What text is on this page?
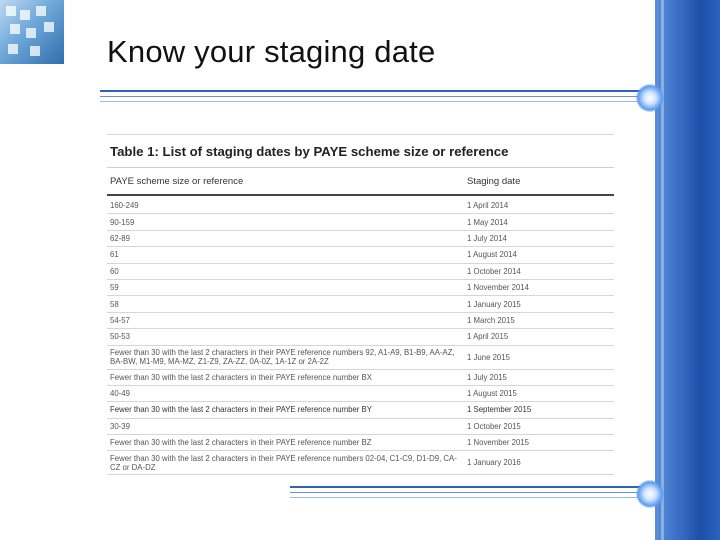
Know your staging date
Table 1: List of staging dates by PAYE scheme size or reference
PAYE scheme size or reference	Staging date
160-249	1 April 2014
90-159	1 May 2014
62-89	1 July 2014
61	1 August 2014
60	1 October 2014
59	1 November 2014
58	1 January 2015
54-57	1 March 2015
50-53	1 April 2015
Fewer than 30 with the last 2 characters in their PAYE reference numbers 92, A1-A9, B1-B9, AA-AZ, BA-BW, M1-M9, MA-MZ, Z1-Z9, ZA-ZZ, 0A-0Z, 1A-1Z or 2A-2Z	1 June 2015
Fewer than 30 with the last 2 characters in their PAYE reference number BX	1 July 2015
40-49	1 August 2015
Fewer than 30 with the last 2 characters in their PAYE reference number BY	1 September 2015
30-39	1 October 2015
Fewer than 30 with the last 2 characters in their PAYE reference number BZ	1 November 2015
Fewer than 30 with the last 2 characters in their PAYE reference numbers 02-04, C1-C9, D1-D9, CA-CZ or DA-DZ	1 January 2016
